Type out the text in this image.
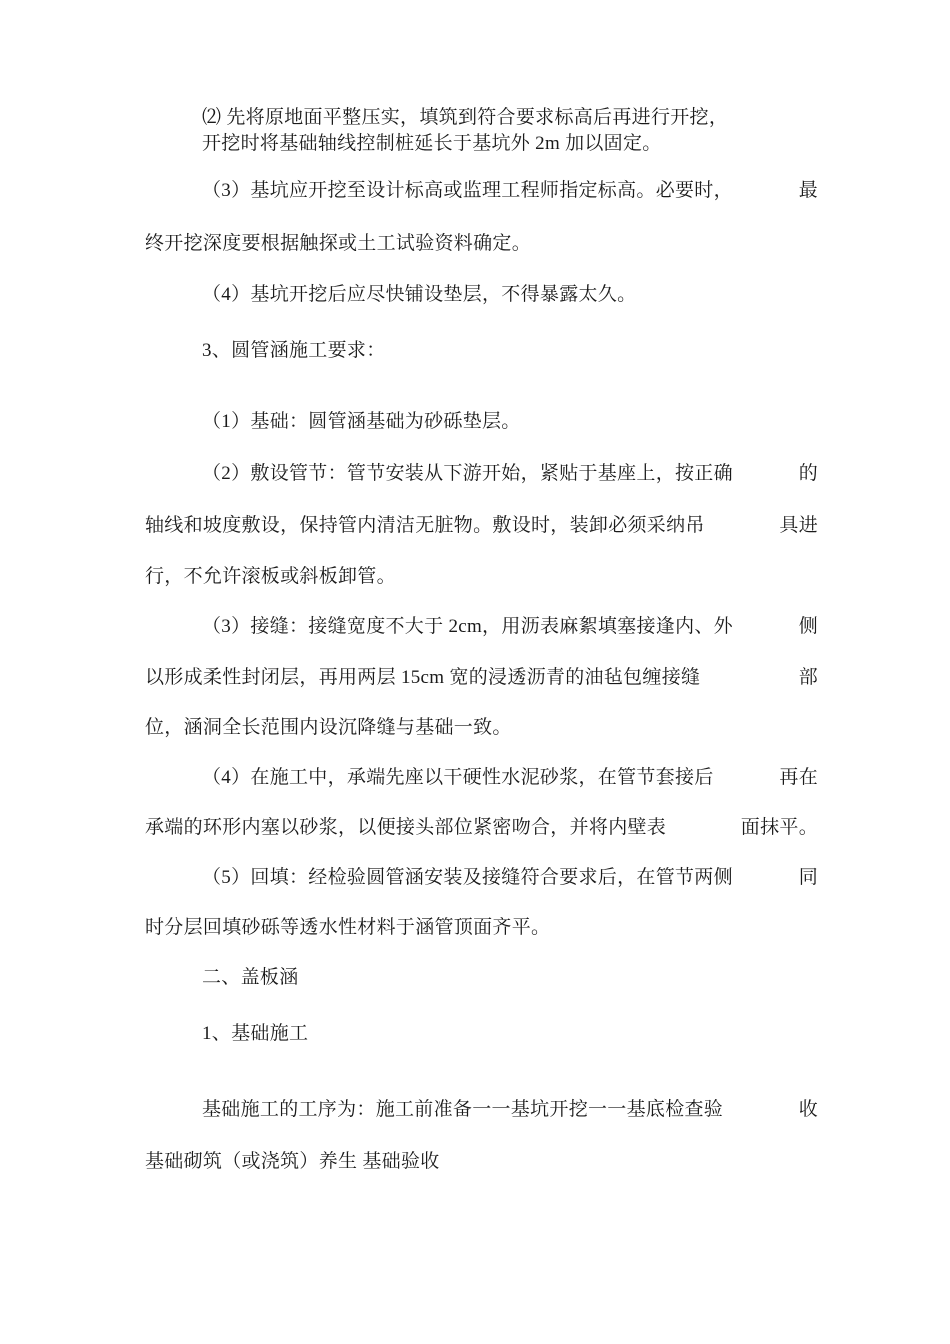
⑵ 先将原地面平整压实，填筑到符合要求标高后再进行开挖，
开挖时将基础轴线控制桩延长于基坑外 2m 加以固定。
（3）基坑应开挖至设计标高或监理工程师指定标高。必要时，	最
终开挖深度要根据触探或土工试验资料确定。
（4）基坑开挖后应尽快铺设垫层，不得暴露太久。
3、圆管涵施工要求：
（1）基础：圆管涵基础为砂砾垫层。
（2）敷设管节：管节安装从下游开始，紧贴于基座上，按正确	的
轴线和坡度敷设，保持管内清洁无脏物。敷设时，装卸必须采纳吊	具进
行，不允许滚板或斜板卸管。
（3）接缝：接缝宽度不大于 2cm，用沥表麻絮填塞接逢内、外	侧
以形成柔性封闭层，再用两层 15cm 宽的浸透沥青的油毡包缠接缝	部
位，涵洞全长范围内设沉降缝与基础一致。
（4）在施工中，承端先座以干硬性水泥砂浆，在管节套接后	再在
承端的环形内塞以砂浆，以便接头部位紧密吻合，并将内壁表	面抹平。
（5）回填：经检验圆管涵安装及接缝符合要求后，在管节两侧	同
时分层回填砂砾等透水性材料于涵管顶面齐平。
二、盖板涵
1、基础施工
基础施工的工序为：施工前准备一一基坑开挖一一基底检查验	收
基础砌筑（或浇筑）养生 基础验收
